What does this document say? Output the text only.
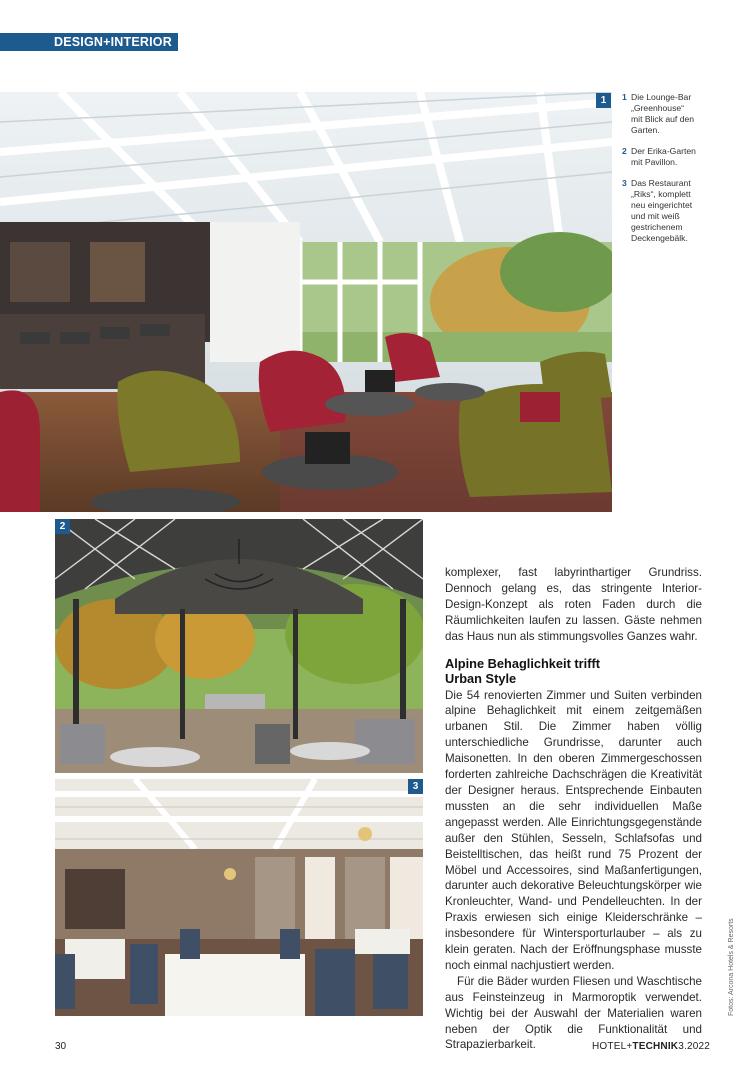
DESIGN+INTERIOR
1	1 Die Lounge-Bar
„Greenhouse“
mit Blick auf den
Garten.
2 Der Erika-Garten
mit Pavillon.
3 Das Restaurant
„Riks“, komplett
neu eingerichtet
und mit weiß
gestrichenem
Deckengebälk.
2
3

komplexer, fast labyrinthartiger Grundriss. Dennoch gelang es, das stringente Interior-Design-Konzept als roten Faden durch die Räumlichkeiten laufen zu lassen. Gäste nehmen das Haus nun als stimmungsvolles Ganzes wahr.

Alpine Behaglichkeit trifft
Urban Style

Die 54 renovierten Zimmer und Suiten verbinden alpine Behaglichkeit mit einem zeitgemäßen urbanen Stil. Die Zimmer haben völlig unterschiedliche Grundrisse, darunter auch Maisonetten. In den oberen Zimmergeschossen forderten zahlreiche Dachschrägen die Kreativität der Designer heraus. Entsprechende Einbauten mussten an die sehr individuellen Maße angepasst werden. Alle Einrichtungsgegenstände außer den Stühlen, Sesseln, Schlafsofas und Beistelltischen, das heißt rund 75 Prozent der Möbel und Accessoires, sind Maßanfertigungen, darunter auch dekorative Beleuchtungskörper wie Kronleuchter, Wand- und Pendelleuchten. In der Praxis erwiesen sich einige Kleiderschränke – insbesondere für Wintersporturlauber – als zu klein geraten. Nach der Eröffnungsphase musste noch einmal nachjustiert werden.

Für die Bäder wurden Fliesen und Waschtische aus Feinsteinzeug in Marmoroptik verwendet. Wichtig bei der Auswahl der Materialien waren neben der Optik die Funktionalität und Strapazierbarkeit.

Fotos: Arcona Hotels & Resorts
30	HOTEL+TECHNIK3.2022
